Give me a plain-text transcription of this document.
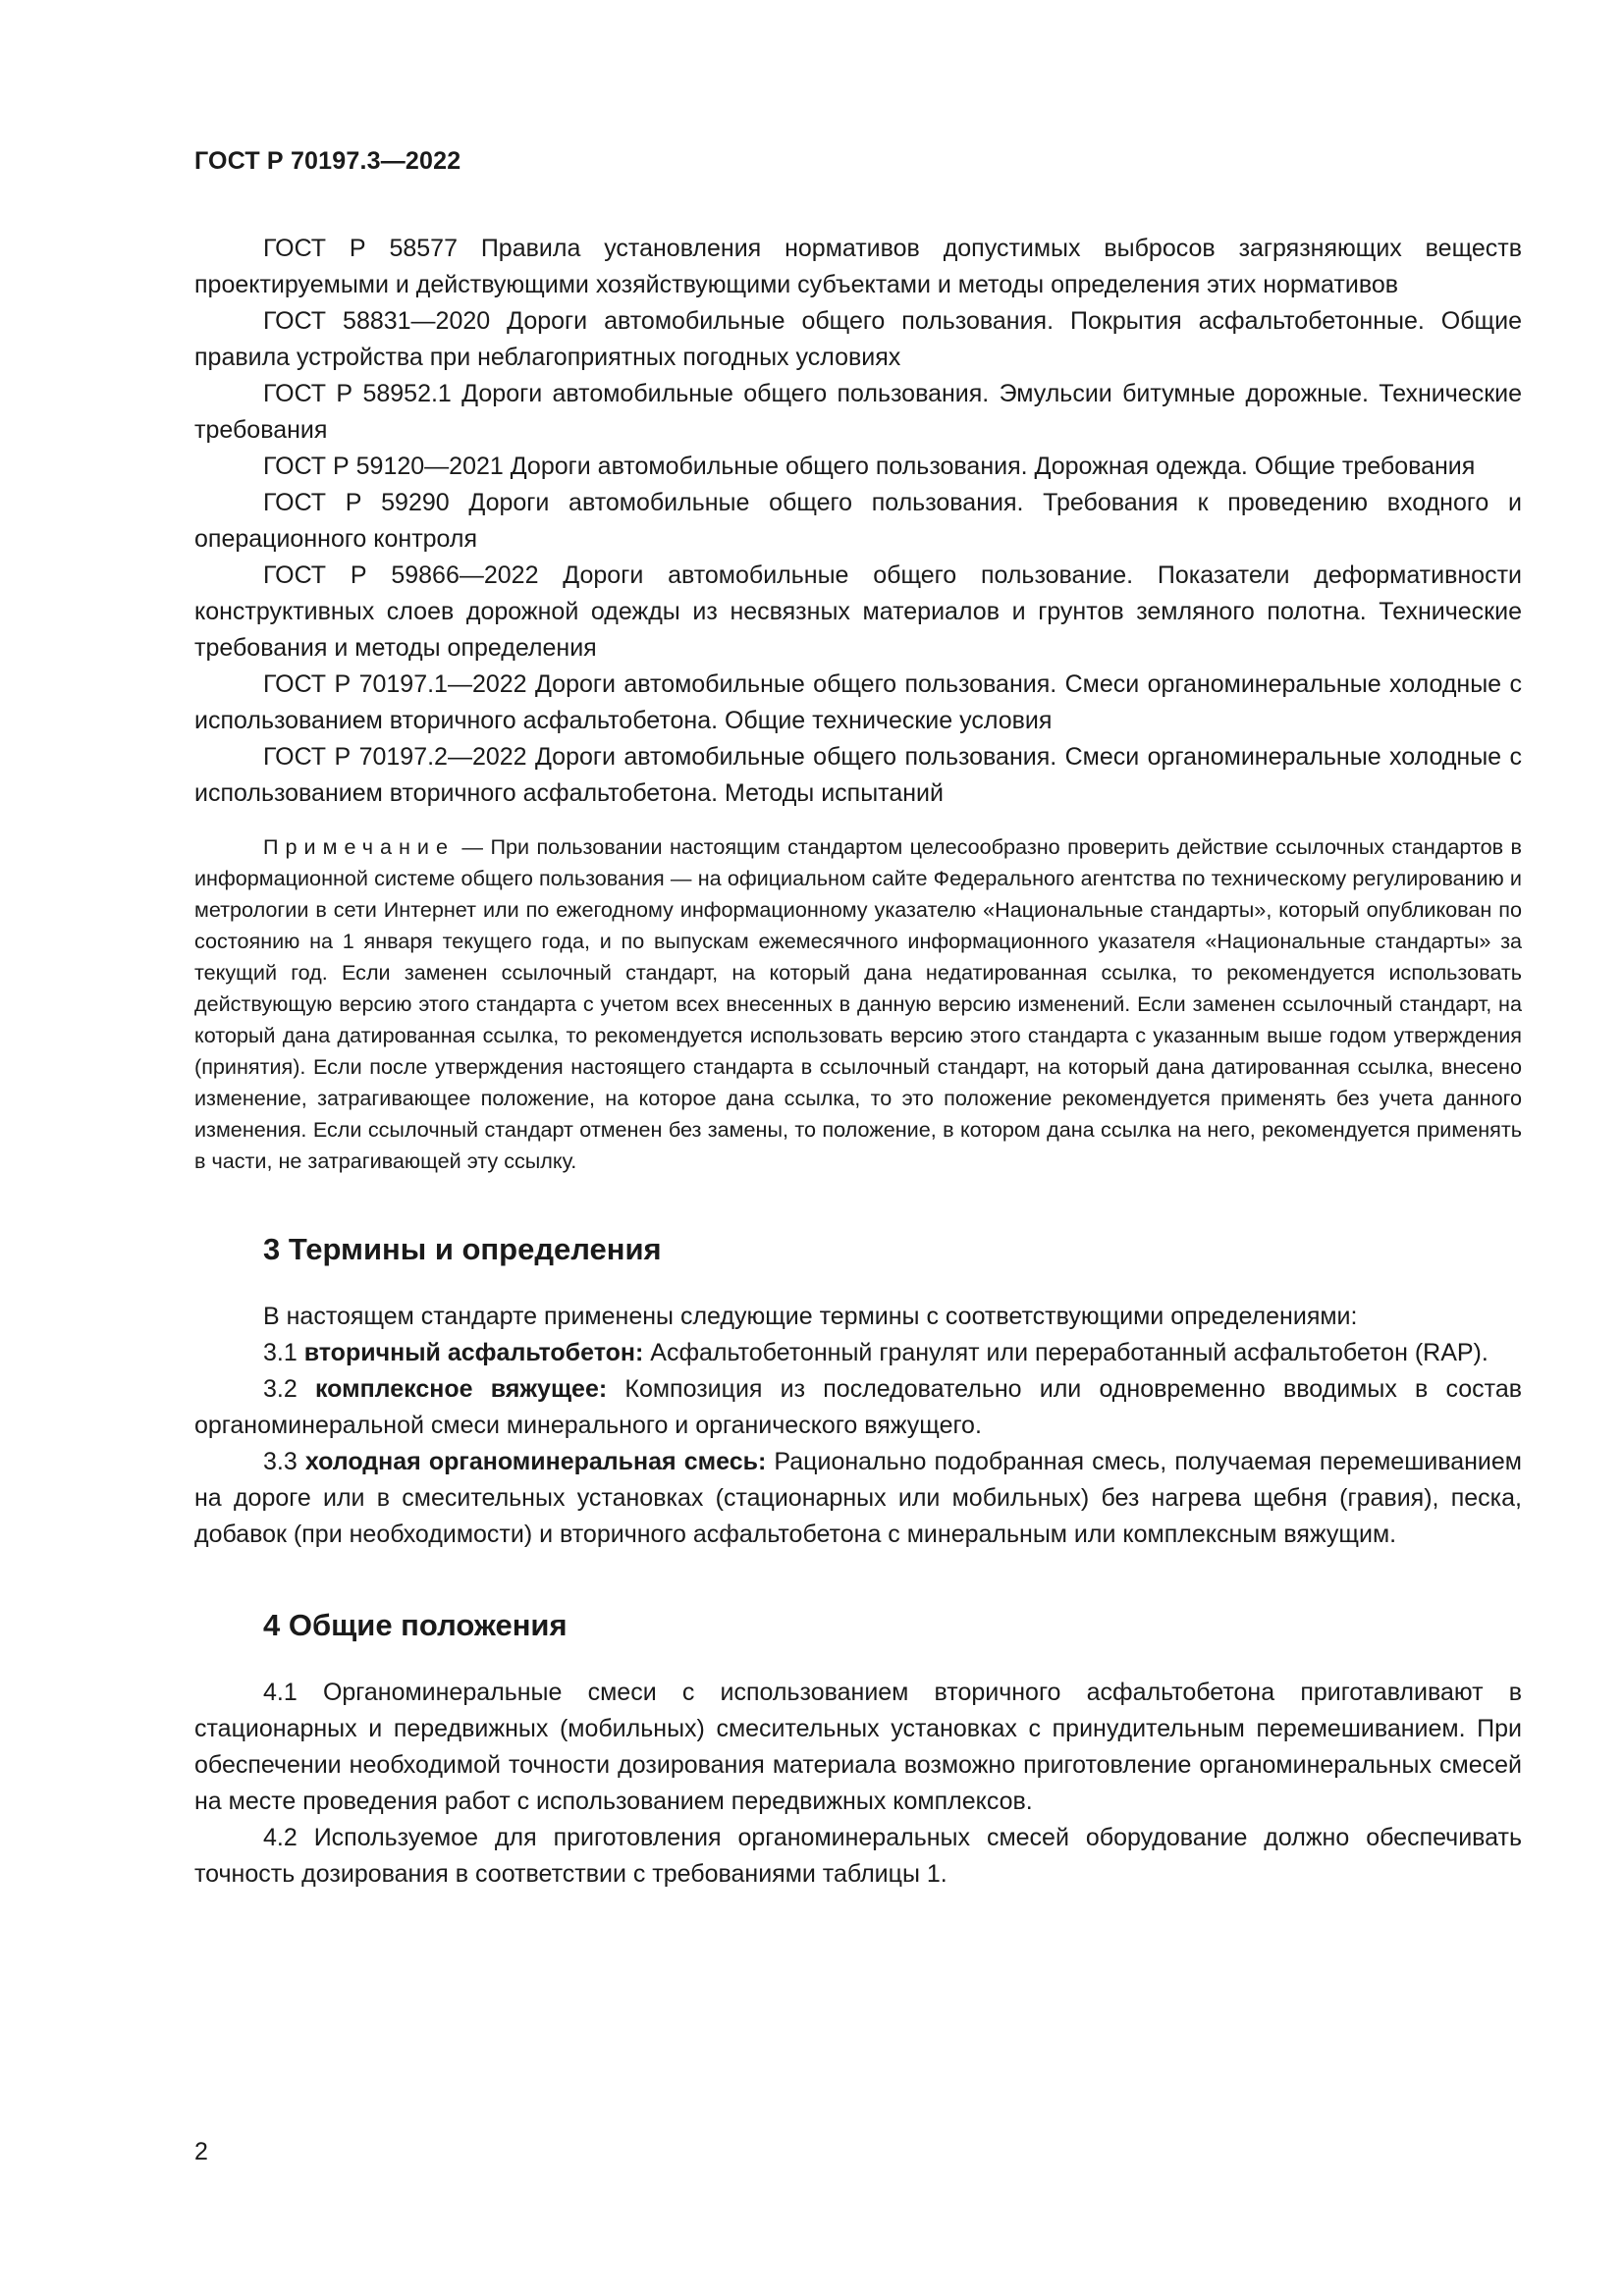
ГОСТ Р 70197.3—2022

ГОСТ Р 58577 Правила установления нормативов допустимых выбросов загрязняющих веществ проектируемыми и действующими хозяйствующими субъектами и методы определения этих нормативов

ГОСТ 58831—2020 Дороги автомобильные общего пользования. Покрытия асфальтобетонные. Общие правила устройства при неблагоприятных погодных условиях

ГОСТ Р 58952.1 Дороги автомобильные общего пользования. Эмульсии битумные дорожные. Технические требования

ГОСТ Р 59120—2021 Дороги автомобильные общего пользования. Дорожная одежда. Общие требования

ГОСТ Р 59290 Дороги автомобильные общего пользования. Требования к проведению входного и операционного контроля

ГОСТ Р 59866—2022 Дороги автомобильные общего пользование. Показатели деформативности конструктивных слоев дорожной одежды из несвязных материалов и грунтов земляного полотна. Технические требования и методы определения

ГОСТ Р 70197.1—2022 Дороги автомобильные общего пользования. Смеси органоминеральные холодные с использованием вторичного асфальтобетона. Общие технические условия

ГОСТ Р 70197.2—2022 Дороги автомобильные общего пользования. Смеси органоминеральные холодные с использованием вторичного асфальтобетона. Методы испытаний

Примечание — При пользовании настоящим стандартом целесообразно проверить действие ссылочных стандартов в информационной системе общего пользования — на официальном сайте Федерального агентства по техническому регулированию и метрологии в сети Интернет или по ежегодному информационному указателю «Национальные стандарты», который опубликован по состоянию на 1 января текущего года, и по выпускам ежемесячного информационного указателя «Национальные стандарты» за текущий год. Если заменен ссылочный стандарт, на который дана недатированная ссылка, то рекомендуется использовать действующую версию этого стандарта с учетом всех внесенных в данную версию изменений. Если заменен ссылочный стандарт, на который дана датированная ссылка, то рекомендуется использовать версию этого стандарта с указанным выше годом утверждения (принятия). Если после утверждения настоящего стандарта в ссылочный стандарт, на который дана датированная ссылка, внесено изменение, затрагивающее положение, на которое дана ссылка, то это положение рекомендуется применять без учета данного изменения. Если ссылочный стандарт отменен без замены, то положение, в котором дана ссылка на него, рекомендуется применять в части, не затрагивающей эту ссылку.

3 Термины и определения

В настоящем стандарте применены следующие термины с соответствующими определениями:

3.1 вторичный асфальтобетон: Асфальтобетонный гранулят или переработанный асфальтобетон (RAP).

3.2 комплексное вяжущее: Композиция из последовательно или одновременно вводимых в состав органоминеральной смеси минерального и органического вяжущего.

3.3 холодная органоминеральная смесь: Рационально подобранная смесь, получаемая перемешиванием на дороге или в смесительных установках (стационарных или мобильных) без нагрева щебня (гравия), песка, добавок (при необходимости) и вторичного асфальтобетона с минеральным или комплексным вяжущим.

4 Общие положения

4.1 Органоминеральные смеси с использованием вторичного асфальтобетона приготавливают в стационарных и передвижных (мобильных) смесительных установках с принудительным перемешиванием. При обеспечении необходимой точности дозирования материала возможно приготовление органоминеральных смесей на месте проведения работ с использованием передвижных комплексов.

4.2 Используемое для приготовления органоминеральных смесей оборудование должно обеспечивать точность дозирования в соответствии с требованиями таблицы 1.

2
